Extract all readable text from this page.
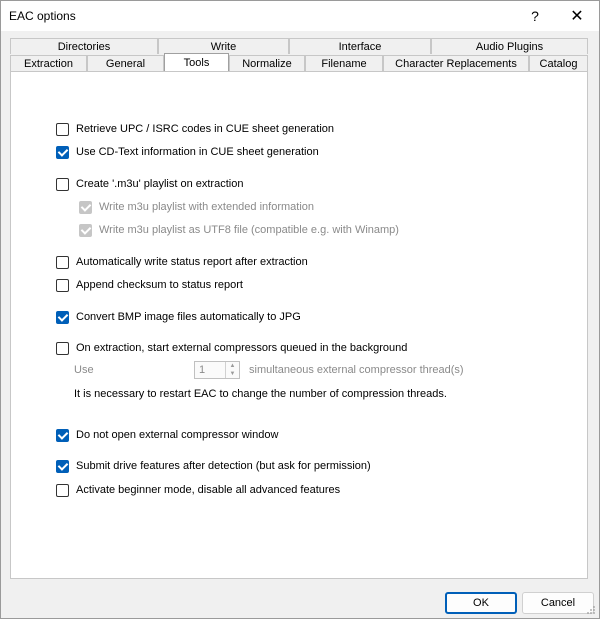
EAC options	?	✕
Directories	Write	Interface	Audio Plugins
Extraction	General	Tools	Normalize	Filename	Character Replacements	Catalog
Retrieve UPC / ISRC codes in CUE sheet generation
Use CD-Text information in CUE sheet generation
Create '.m3u' playlist on extraction
Write m3u playlist with extended information
Write m3u playlist as UTF8 file (compatible e.g. with Winamp)
Automatically write status report after extraction
Append checksum to status report
Convert BMP image files automatically to JPG
On extraction, start external compressors queued in the background
Use	simultaneous external compressor thread(s)
It is necessary to restart EAC to change the number of compression threads.
Do not open external compressor window
Submit drive features after detection (but ask for permission)
Activate beginner mode, disable all advanced features
1	▲
▼
OK	Cancel
